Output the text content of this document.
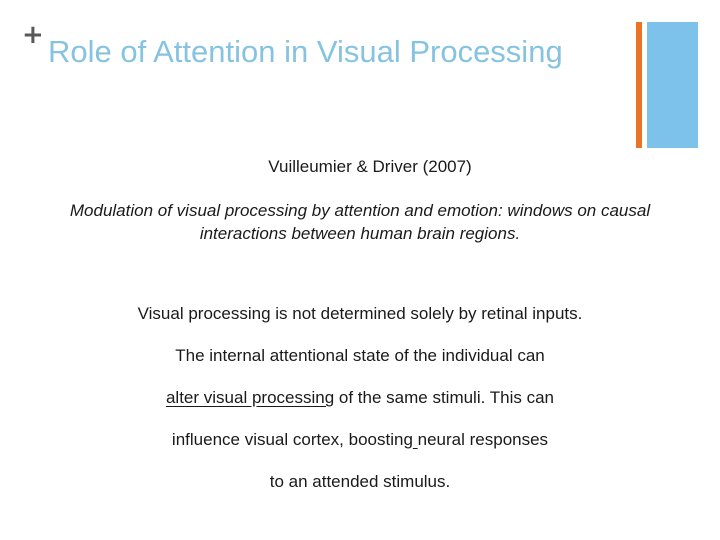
+ Role of Attention in Visual Processing
Vuilleumier & Driver (2007)
Modulation of visual processing by attention and emotion: windows on causal interactions between human brain regions.
Visual processing is not determined solely by retinal inputs.
The internal attentional state of the individual can
alter visual processing of the same stimuli. This can
influence visual cortex, boosting neural responses
to an attended stimulus.
